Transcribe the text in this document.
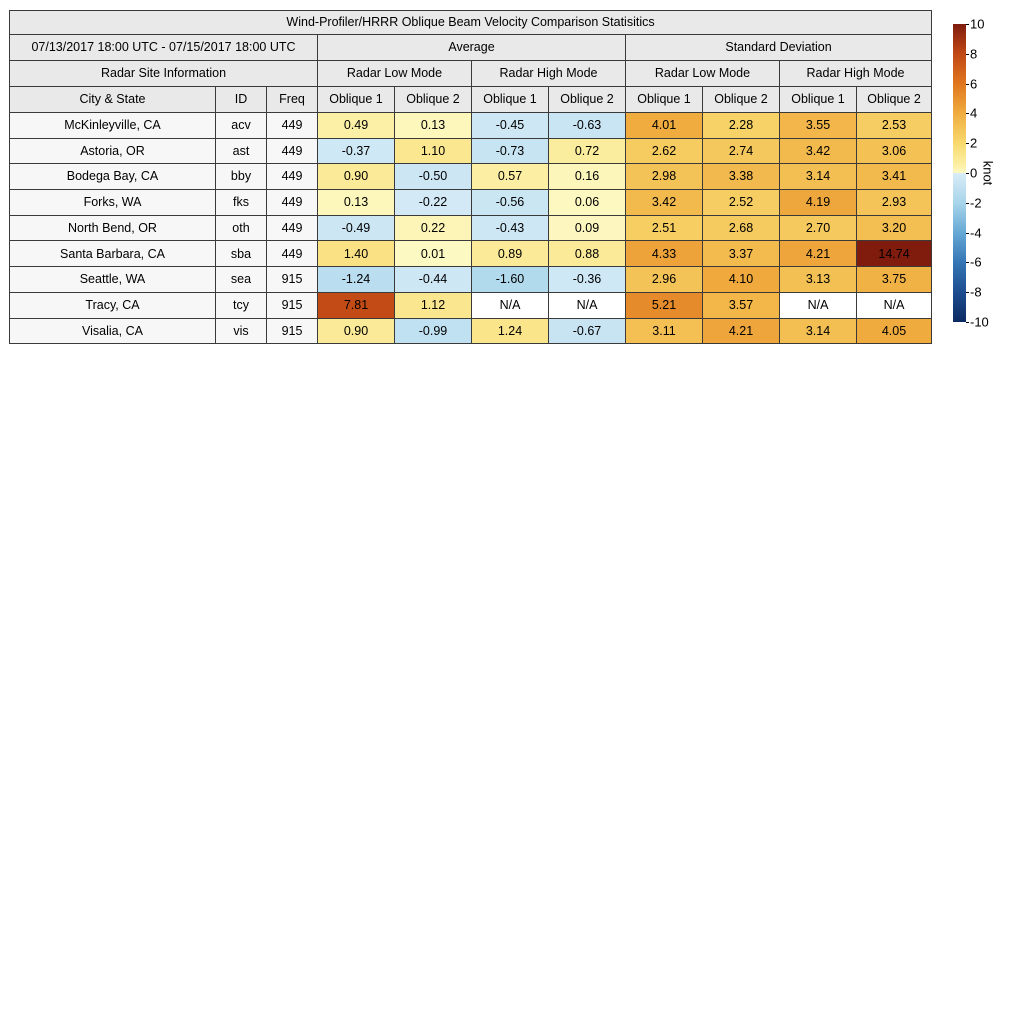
Wind-Profiler/HRRR Oblique Beam Velocity Comparison Statisitics										
07/13/2017 18:00 UTC - 07/15/2017 18:00 UTC			Average				Standard Deviation			
Radar Site Information			Radar Low Mode		Radar High Mode		Radar Low Mode		Radar High Mode	
City & State	ID	Freq	Oblique 1	Oblique 2	Oblique 1	Oblique 2	Oblique 1	Oblique 2	Oblique 1	Oblique 2
McKinleyville, CA	acv	449	0.49	0.13	-0.45	-0.63	4.01	2.28	3.55	2.53
Astoria, OR	ast	449	-0.37	1.10	-0.73	0.72	2.62	2.74	3.42	3.06
Bodega Bay, CA	bby	449	0.90	-0.50	0.57	0.16	2.98	3.38	3.14	3.41
Forks, WA	fks	449	0.13	-0.22	-0.56	0.06	3.42	2.52	4.19	2.93
North Bend, OR	oth	449	-0.49	0.22	-0.43	0.09	2.51	2.68	2.70	3.20
Santa Barbara, CA	sba	449	1.40	0.01	0.89	0.88	4.33	3.37	4.21	14.74
Seattle, WA	sea	915	-1.24	-0.44	-1.60	-0.36	2.96	4.10	3.13	3.75
Tracy, CA	tcy	915	7.81	1.12	N/A	N/A	5.21	3.57	N/A	N/A
Visalia, CA	vis	915	0.90	-0.99	1.24	-0.67	3.11	4.21	3.14	4.05
10
8
6
4
2
0
-2
-4
-6
-8
-10
knot
